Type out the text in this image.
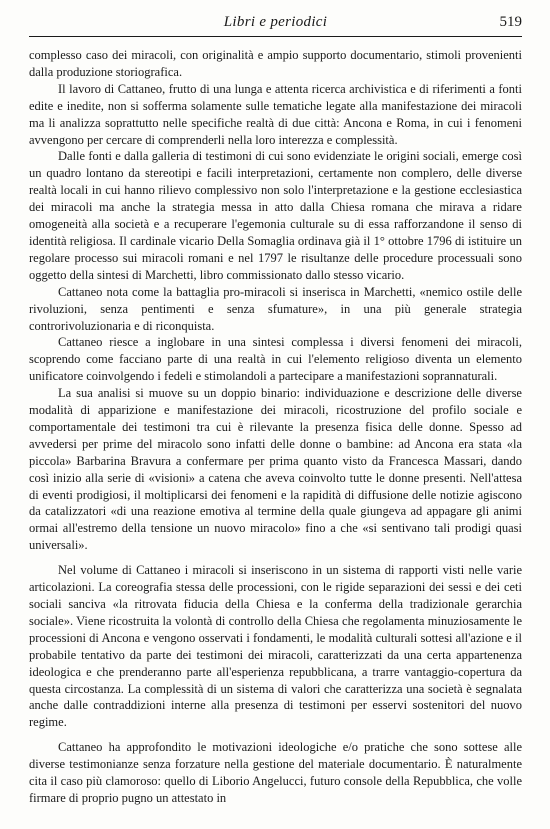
Libri e periodici	519

complesso caso dei miracoli, con originalità e ampio supporto documentario, stimoli provenienti dalla produzione storiografica.

Il lavoro di Cattaneo, frutto di una lunga e attenta ricerca archivistica e di riferimenti a fonti edite e inedite, non si sofferma solamente sulle tematiche legate alla manifestazione dei miracoli ma li analizza soprattutto nelle specifiche realtà di due città: Ancona e Roma, in cui i fenomeni avvengono per cercare di comprenderli nella loro interezza e complessità.

Dalle fonti e dalla galleria di testimoni di cui sono evidenziate le origini sociali, emerge così un quadro lontano da stereotipi e facili interpretazioni, certamente non complero, delle diverse realtà locali in cui hanno rilievo complessivo non solo l'interpretazione e la gestione ecclesiastica dei miracoli ma anche la strategia messa in atto dalla Chiesa romana che mirava a ridare omogeneità alla società e a recuperare l'egemonia culturale su di essa rafforzandone il senso di identità religiosa. Il cardinale vicario Della Somaglia ordinava già il 1° ottobre 1796 di istituire un regolare processo sui miracoli romani e nel 1797 le risultanze delle procedure processuali sono oggetto della sintesi di Marchetti, libro commissionato dallo stesso vicario.

Cattaneo nota come la battaglia pro-miracoli si inserisca in Marchetti, «nemico ostile delle rivoluzioni, senza pentimenti e senza sfumature», in una più generale strategia controrivoluzionaria e di riconquista.

Cattaneo riesce a inglobare in una sintesi complessa i diversi fenomeni dei miracoli, scoprendo come facciano parte di una realtà in cui l'elemento religioso diventa un elemento unificatore coinvolgendo i fedeli e stimolandoli a partecipare a manifestazioni soprannaturali.

La sua analisi si muove su un doppio binario: individuazione e descrizione delle diverse modalità di apparizione e manifestazione dei miracoli, ricostruzione del profilo sociale e comportamentale dei testimoni tra cui è rilevante la presenza fisica delle donne. Spesso ad avvedersi per prime del miracolo sono infatti delle donne o bambine: ad Ancona era stata «la piccola» Barbarina Bravura a confermare per prima quanto visto da Francesca Massari, dando così inizio alla serie di «visioni» a catena che aveva coinvolto tutte le donne presenti. Nell'attesa di eventi prodigiosi, il moltiplicarsi dei fenomeni e la rapidità di diffusione delle notizie agiscono da catalizzatori «di una reazione emotiva al termine della quale giungeva ad appagare gli animi ormai all'estremo della tensione un nuovo miracolo» fino a che «si sentivano tali prodigi quasi universali».

Nel volume di Cattaneo i miracoli si inseriscono in un sistema di rapporti visti nelle varie articolazioni. La coreografia stessa delle processioni, con le rigide separazioni dei sessi e dei ceti sociali sanciva «la ritrovata fiducia della Chiesa e la conferma della tradizionale gerarchia sociale». Viene ricostruita la volontà di controllo della Chiesa che regolamenta minuziosamente le processioni di Ancona e vengono osservati i fondamenti, le modalità culturali sottesi all'azione e il probabile tentativo da parte dei testimoni dei miracoli, caratterizzati da una certa appartenenza ideologica e che prenderanno parte all'esperienza repubblicana, a trarre vantaggio-copertura da questa circostanza. La complessità di un sistema di valori che caratterizza una società è segnalata anche dalle contraddizioni interne alla presenza di testimoni per esservi sostenitori del nuovo regime.

Cattaneo ha approfondito le motivazioni ideologiche e/o pratiche che sono sottese alle diverse testimonianze senza forzature nella gestione del materiale documentario. È naturalmente cita il caso più clamoroso: quello di Liborio Angelucci, futuro console della Repubblica, che volle firmare di proprio pugno un attestato in
